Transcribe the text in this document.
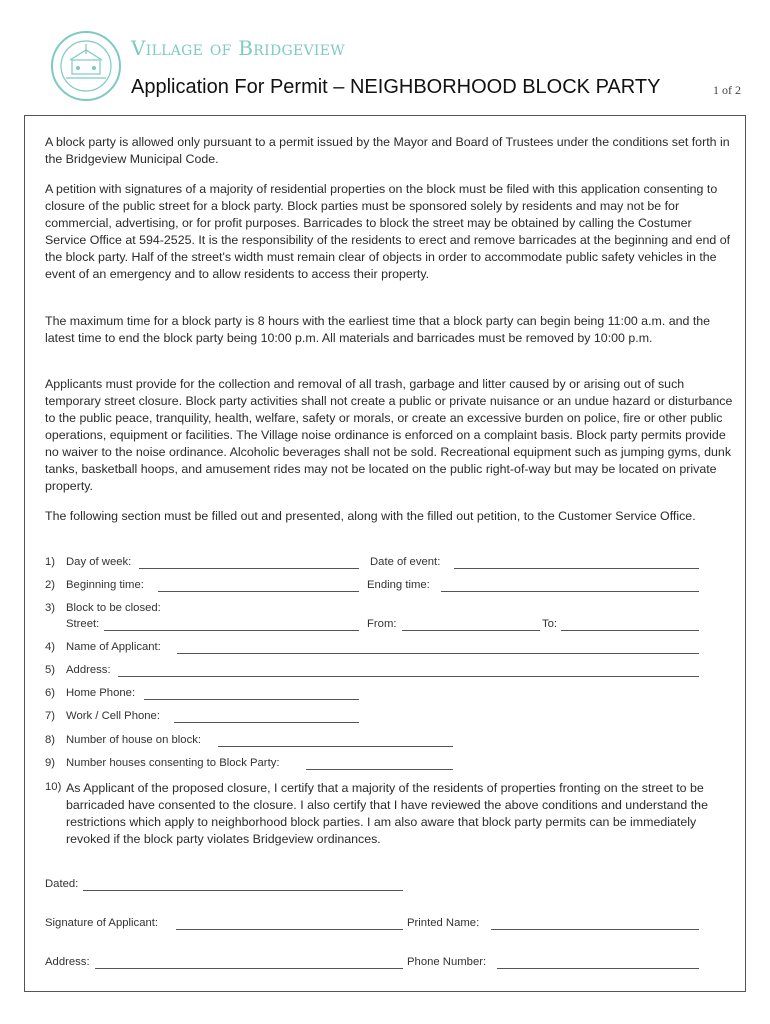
Village of Bridgeview
Application For Permit – NEIGHBORHOOD BLOCK PARTY	1 of 2

A block party is allowed only pursuant to a permit issued by the Mayor and Board of Trustees under the conditions set forth in the Bridgeview Municipal Code.

A petition with signatures of a majority of residential properties on the block must be filed with this application consenting to closure of the public street for a block party. Block parties must be sponsored solely by residents and may not be for commercial, advertising, or for profit purposes. Barricades to block the street may be obtained by calling the Costumer Service Office at 594-2525. It is the responsibility of the residents to erect and remove barricades at the beginning and end of the block party. Half of the street's width must remain clear of objects in order to accommodate public safety vehicles in the event of an emergency and to allow residents to access their property.

The maximum time for a block party is 8 hours with the earliest time that a block party can begin being 11:00 a.m. and the latest time to end the block party being 10:00 p.m. All materials and barricades must be removed by 10:00 p.m.

Applicants must provide for the collection and removal of all trash, garbage and litter caused by or arising out of such temporary street closure. Block party activities shall not create a public or private nuisance or an undue hazard or disturbance to the public peace, tranquility, health, welfare, safety or morals, or create an excessive burden on police, fire or other public operations, equipment or facilities. The Village noise ordinance is enforced on a complaint basis. Block party permits provide no waiver to the noise ordinance. Alcoholic beverages shall not be sold. Recreational equipment such as jumping gyms, dunk tanks, basketball hoops, and amusement rides may not be located on the public right-of-way but may be located on private property.

The following section must be filled out and presented, along with the filled out petition, to the Customer Service Office.

1) Day of week:	Date of event:
2) Beginning time:	Ending time:
3) Block to be closed:
Street:	From:	To:
4) Name of Applicant:
5) Address:
6) Home Phone:
7) Work / Cell Phone:
8) Number of house on block:
9) Number houses consenting to Block Party:
10) As Applicant of the proposed closure, I certify that a majority of the residents of properties fronting on the street to be barricaded have consented to the closure. I also certify that I have reviewed the above conditions and understand the restrictions which apply to neighborhood block parties. I am also aware that block party permits can be immediately revoked if the block party violates Bridgeview ordinances.

Dated:
Signature of Applicant:	Printed Name:
Address:	Phone Number:
